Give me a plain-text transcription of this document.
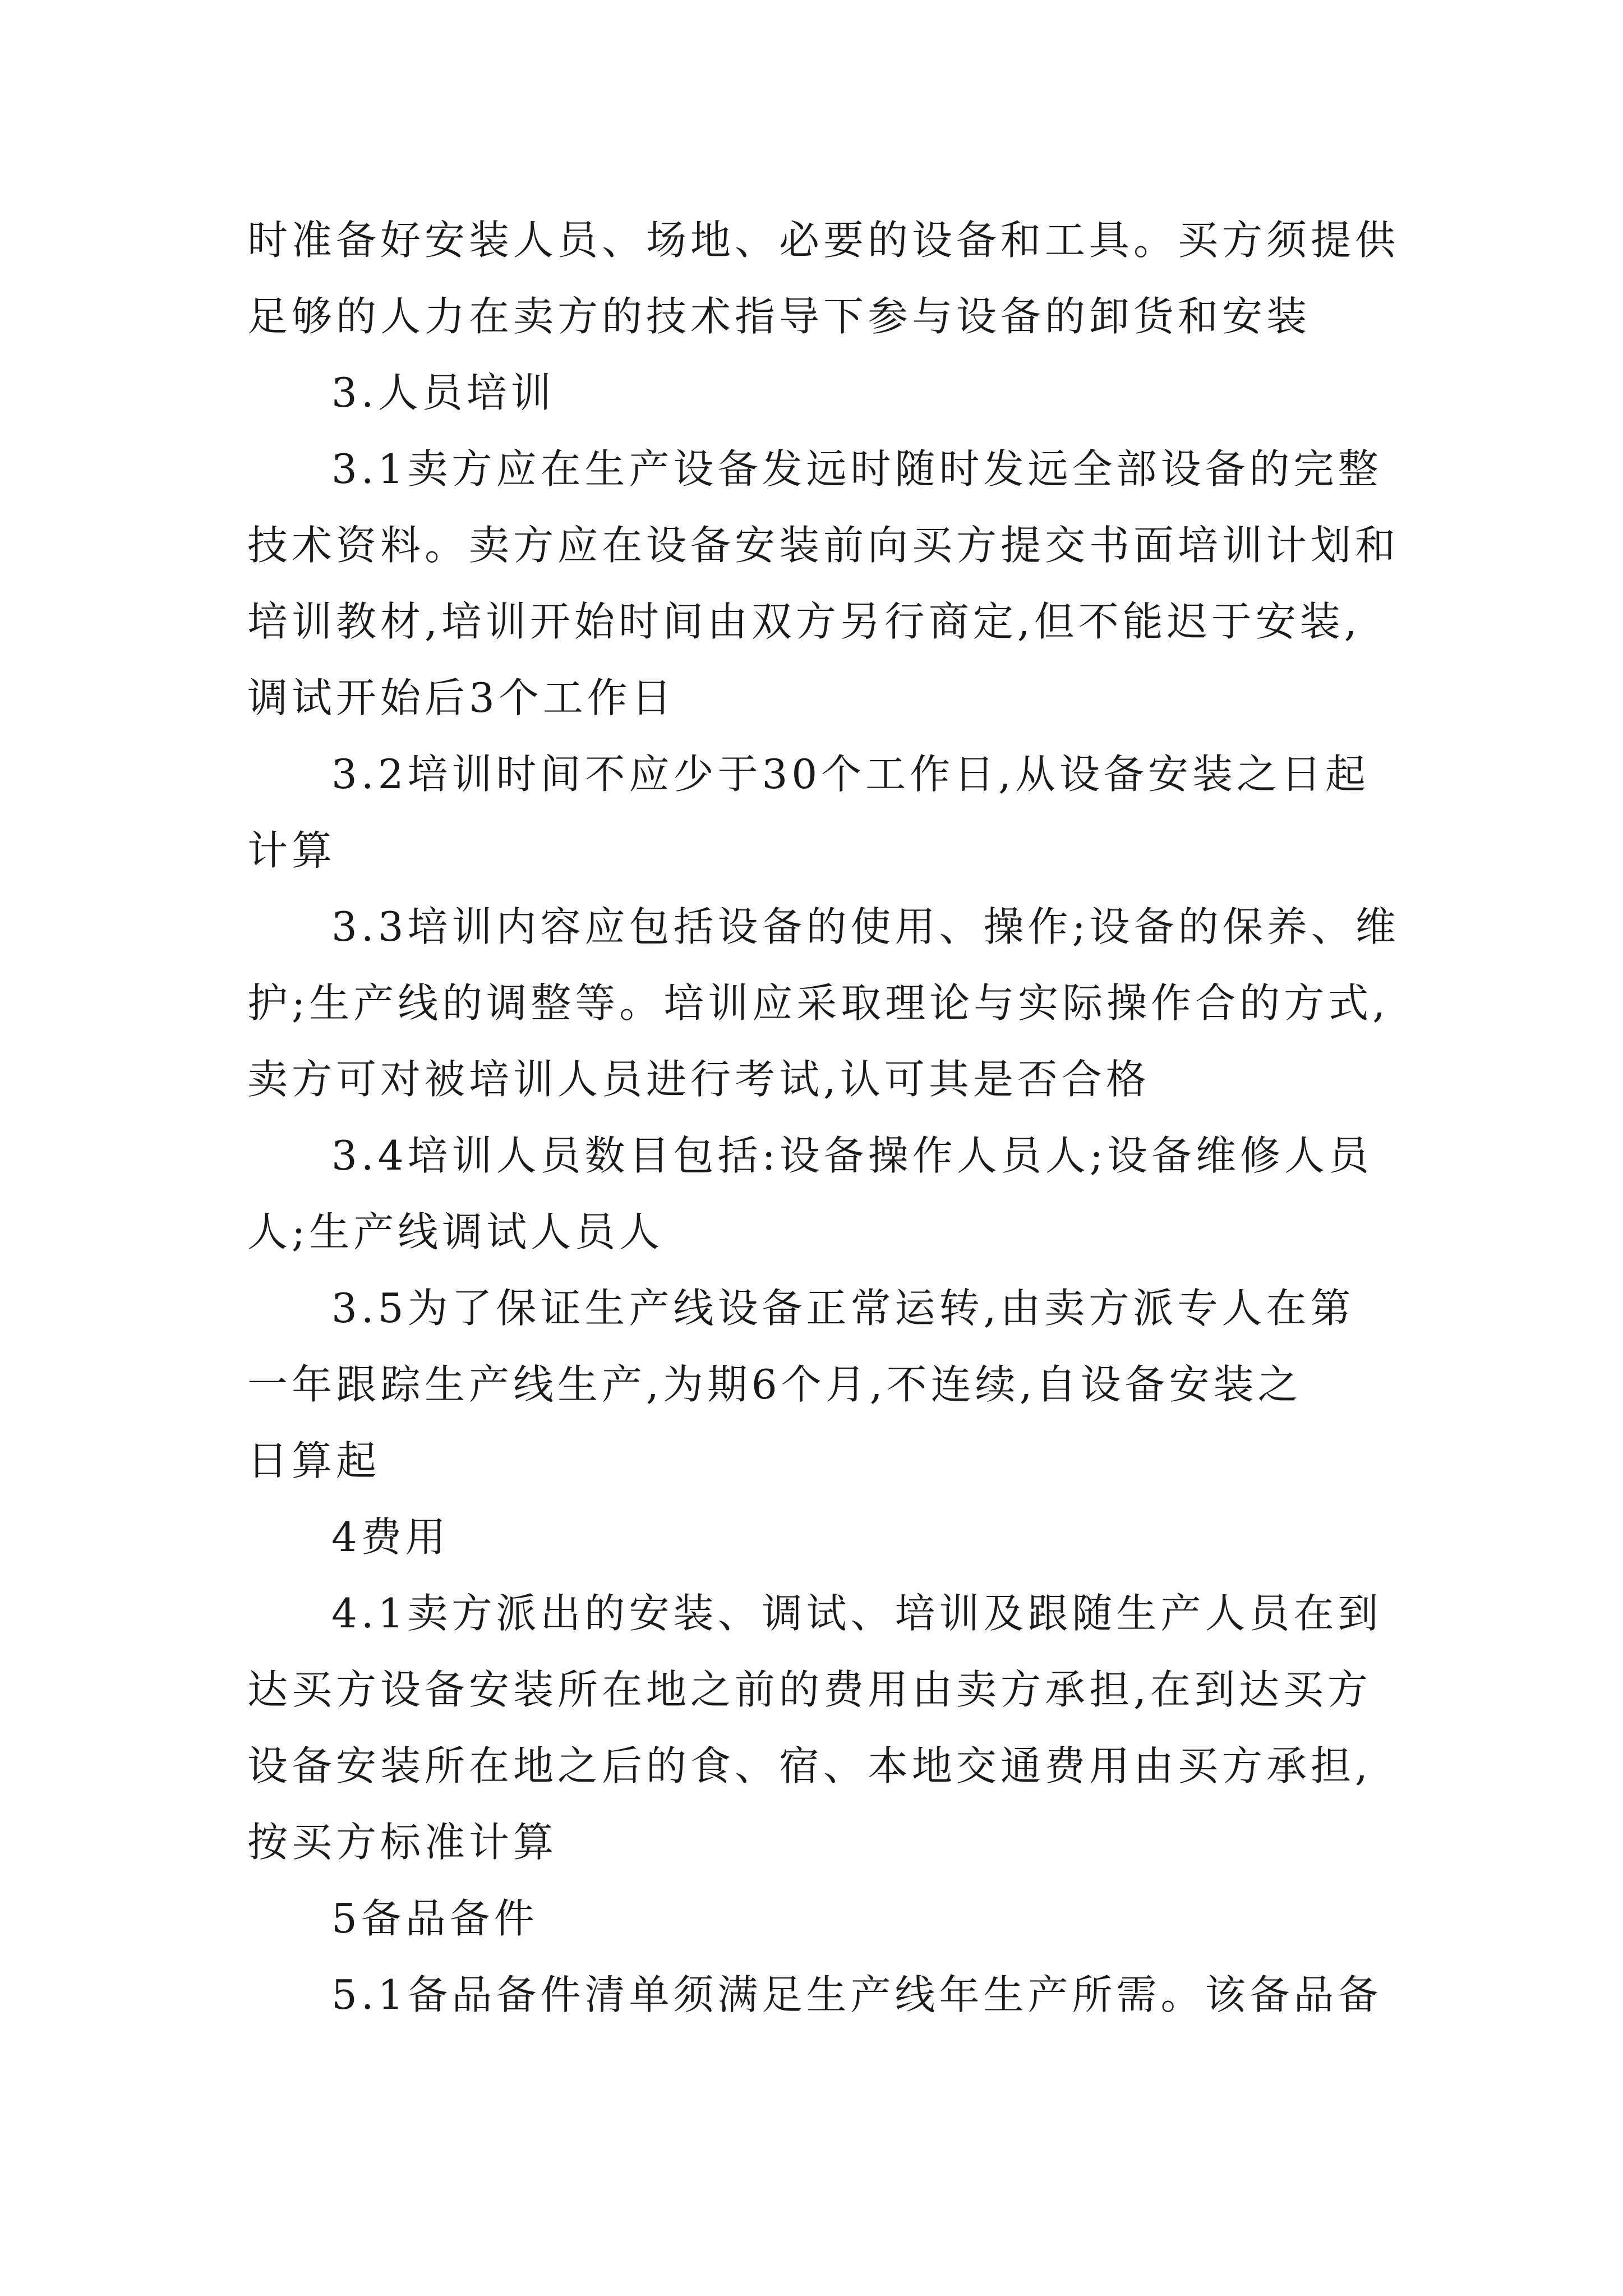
时准备好安装人员、场地、必要的设备和工具。买方须提供
足够的人力在卖方的技术指导下参与设备的卸货和安装
3.人员培训
3.1卖方应在生产设备发远时随时发远全部设备的完整
技术资料。卖方应在设备安装前向买方提交书面培训计划和
培训教材,培训开始时间由双方另行商定,但不能迟于安装,
调试开始后3个工作日
3.2培训时间不应少于30个工作日,从设备安装之日起
计算
3.3培训内容应包括设备的使用、操作;设备的保养、维
护;生产线的调整等。培训应采取理论与实际操作合的方式,
卖方可对被培训人员进行考试,认可其是否合格
3.4培训人员数目包括:设备操作人员人;设备维修人员
人;生产线调试人员人
3.5为了保证生产线设备正常运转,由卖方派专人在第
一年跟踪生产线生产,为期6个月,不连续,自设备安装之
日算起
4费用
4.1卖方派出的安装、调试、培训及跟随生产人员在到
达买方设备安装所在地之前的费用由卖方承担,在到达买方
设备安装所在地之后的食、宿、本地交通费用由买方承担,
按买方标准计算
5备品备件
5.1备品备件清单须满足生产线年生产所需。该备品备
